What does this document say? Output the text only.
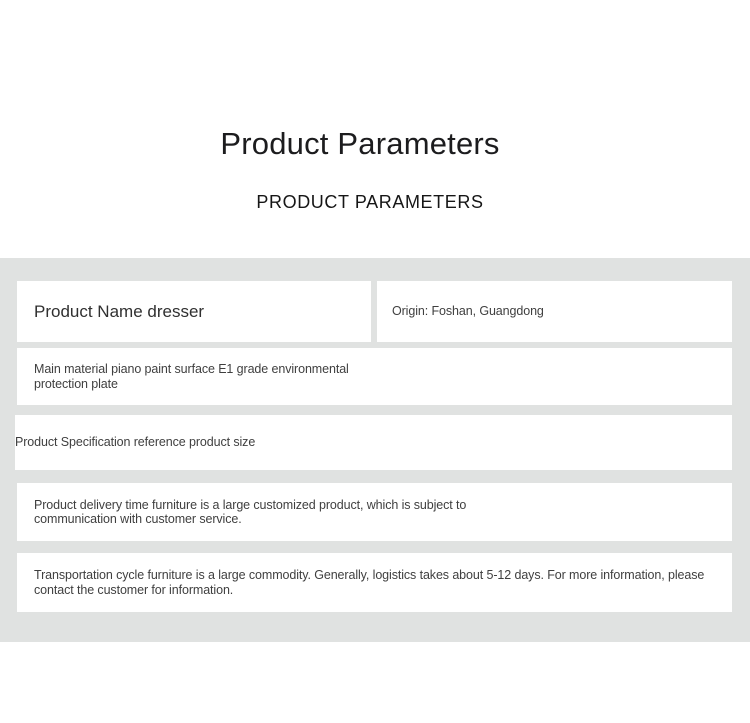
Product Parameters
PRODUCT PARAMETERS
Product Name dresser	Origin: Foshan, Guangdong
Main material piano paint surface E1 grade environmental protection plate
Product Specification reference product size
Product delivery time furniture is a large customized product, which is subject to communication with customer service.
Transportation cycle furniture is a large commodity. Generally, logistics takes about 5-12 days. For more information, please contact the customer for information.
